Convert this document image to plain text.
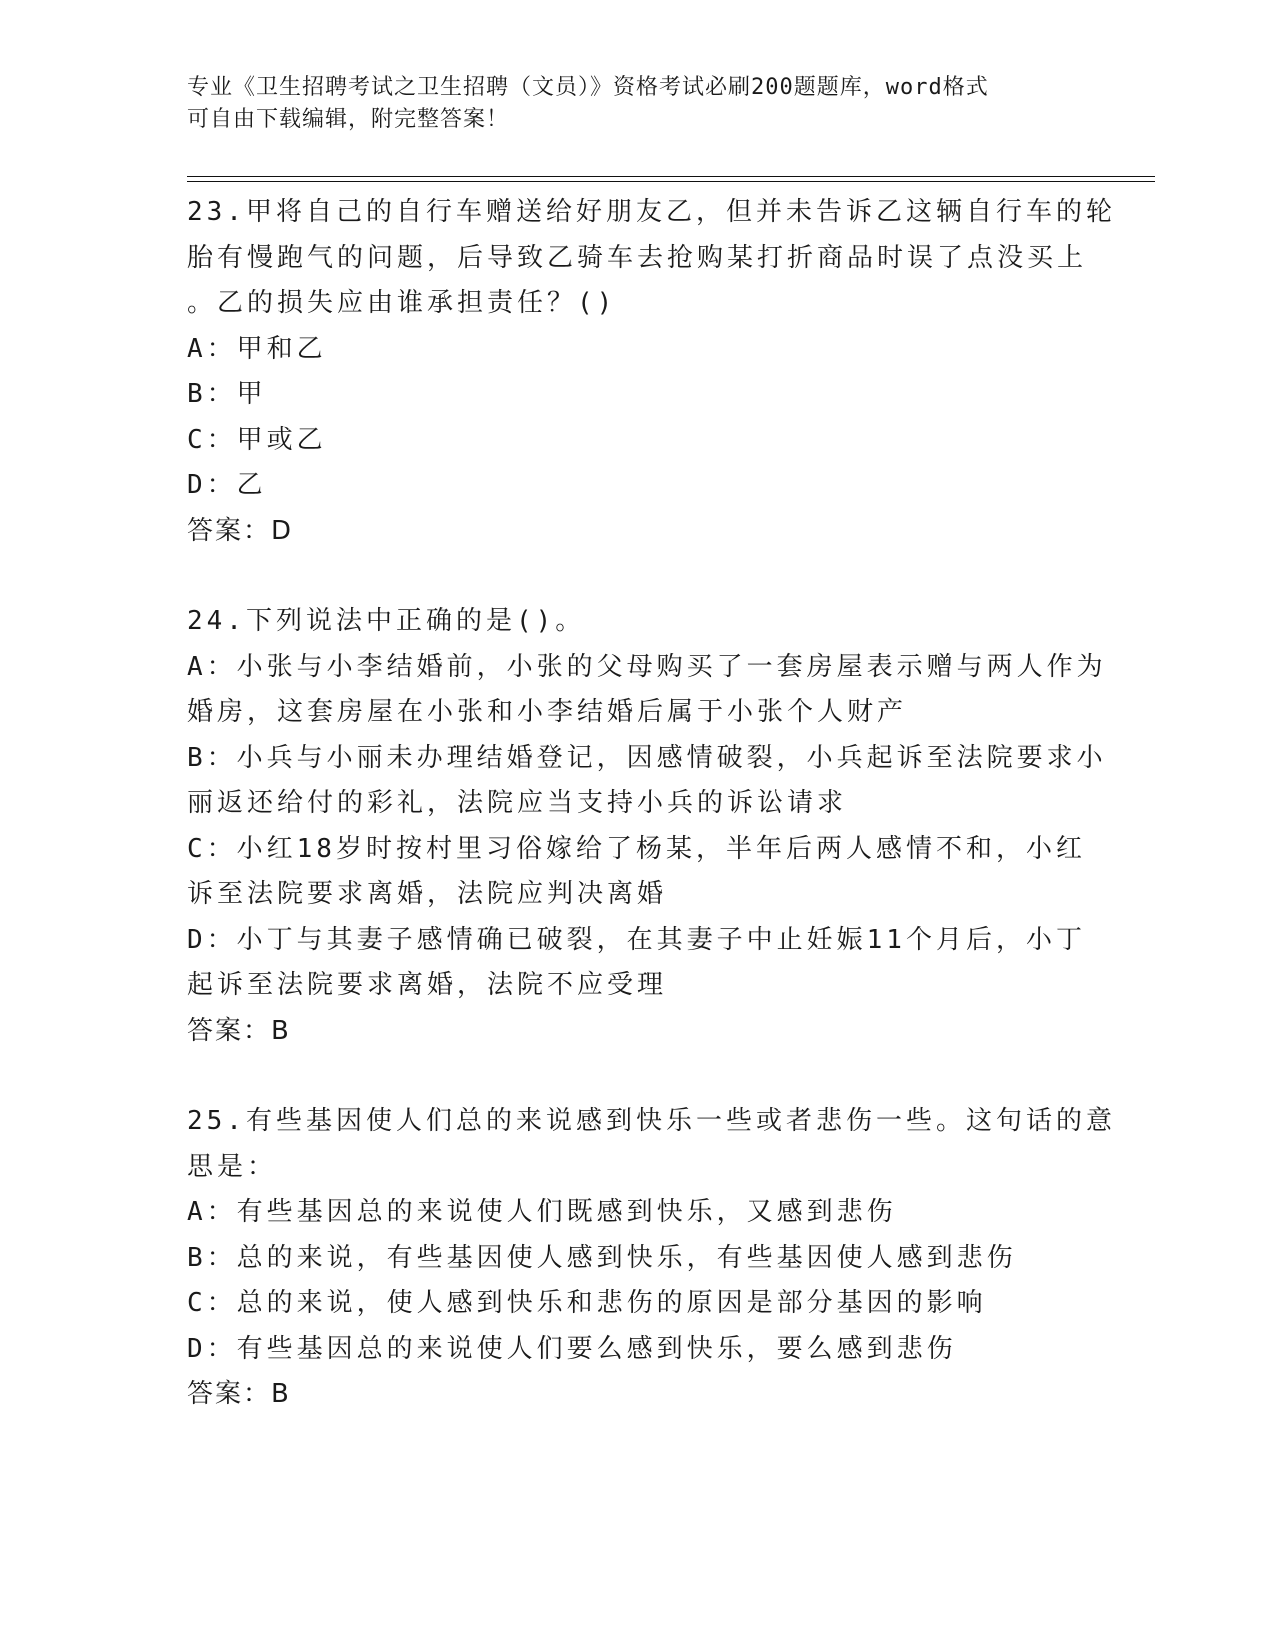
专业《卫生招聘考试之卫生招聘（文员）》资格考试必刷200题题库，word格式
可自由下载编辑，附完整答案！
23.甲将自己的自行车赠送给好朋友乙，但并未告诉乙这辆自行车的轮
胎有慢跑气的问题，后导致乙骑车去抢购某打折商品时误了点没买上
。乙的损失应由谁承担责任？()
A：甲和乙
B：甲
C：甲或乙
D：乙
答案：D
24.下列说法中正确的是()。
A：小张与小李结婚前，小张的父母购买了一套房屋表示赠与两人作为
婚房，这套房屋在小张和小李结婚后属于小张个人财产
B：小兵与小丽未办理结婚登记，因感情破裂，小兵起诉至法院要求小
丽返还给付的彩礼，法院应当支持小兵的诉讼请求
C：小红18岁时按村里习俗嫁给了杨某，半年后两人感情不和，小红
诉至法院要求离婚，法院应判决离婚
D：小丁与其妻子感情确已破裂，在其妻子中止妊娠11个月后，小丁
起诉至法院要求离婚，法院不应受理
答案：B
25.有些基因使人们总的来说感到快乐一些或者悲伤一些。这句话的意
思是：
A：有些基因总的来说使人们既感到快乐，又感到悲伤
B：总的来说，有些基因使人感到快乐，有些基因使人感到悲伤
C：总的来说，使人感到快乐和悲伤的原因是部分基因的影响
D：有些基因总的来说使人们要么感到快乐，要么感到悲伤
答案：B
